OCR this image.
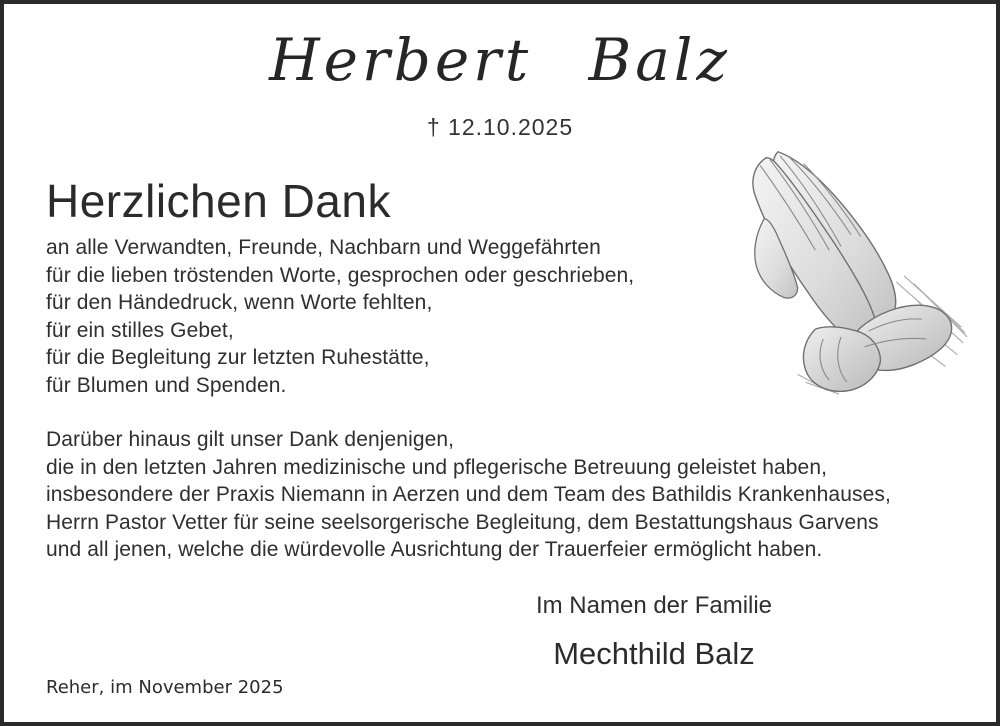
Herbert Balz

† 12.10.2025

Herzlichen Dank
an alle Verwandten, Freunde, Nachbarn und Weggefährten
für die lieben tröstenden Worte, gesprochen oder geschrieben,
für den Händedruck, wenn Worte fehlten,
für ein stilles Gebet,
für die Begleitung zur letzten Ruhestätte,
für Blumen und Spenden.
Darüber hinaus gilt unser Dank denjenigen,
die in den letzten Jahren medizinische und pflegerische Betreuung geleistet haben,
insbesondere der Praxis Niemann in Aerzen und dem Team des Bathildis Krankenhauses,
Herrn Pastor Vetter für seine seelsorgerische Begleitung, dem Bestattungshaus Garvens
und all jenen, welche die würdevolle Ausrichtung der Trauerfeier ermöglicht haben.

Im Namen der Familie

Mechthild Balz

Reher, im November 2025
